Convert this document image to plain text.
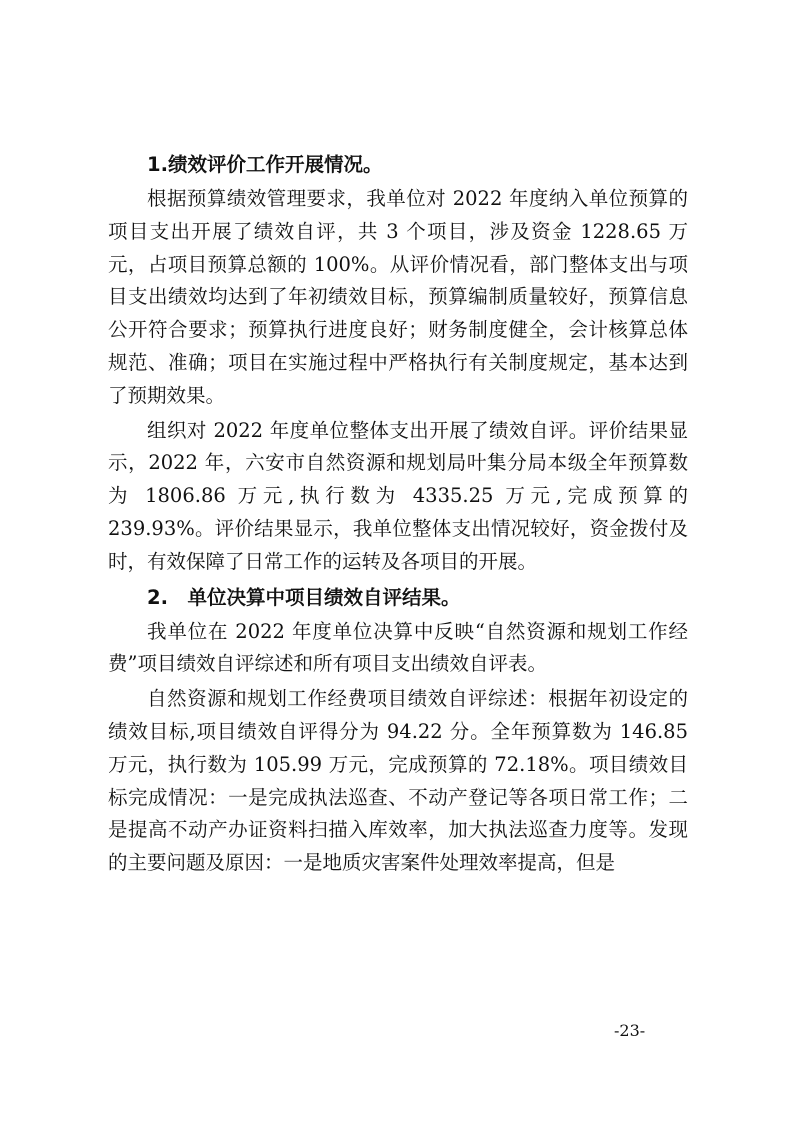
1.绩效评价工作开展情况。

根据预算绩效管理要求，我单位对 2022 年度纳入单位预算的项目支出开展了绩效自评，共 3 个项目，涉及资金 1228.65 万元，占项目预算总额的 100%。从评价情况看，部门整体支出与项目支出绩效均达到了年初绩效目标，预算编制质量较好，预算信息公开符合要求；预算执行进度良好；财务制度健全，会计核算总体规范、准确；项目在实施过程中严格执行有关制度规定，基本达到了预期效果。

组织对 2022 年度单位整体支出开展了绩效自评。评价结果显示，2022 年，六安市自然资源和规划局叶集分局本级全年预算数为 1806.86 万元,执行数为 4335.25 万元,完成预算的 239.93%。评价结果显示，我单位整体支出情况较好，资金拨付及时，有效保障了日常工作的运转及各项目的开展。

2. 单位决算中项目绩效自评结果。

我单位在 2022 年度单位决算中反映“自然资源和规划工作经费”项目绩效自评综述和所有项目支出绩效自评表。

自然资源和规划工作经费项目绩效自评综述：根据年初设定的绩效目标,项目绩效自评得分为 94.22 分。全年预算数为 146.85 万元，执行数为 105.99 万元，完成预算的 72.18%。项目绩效目标完成情况：一是完成执法巡查、不动产登记等各项日常工作；二是提高不动产办证资料扫描入库效率，加大执法巡查力度等。发现的主要问题及原因：一是地质灾害案件处理效率提高，但是

-23-
